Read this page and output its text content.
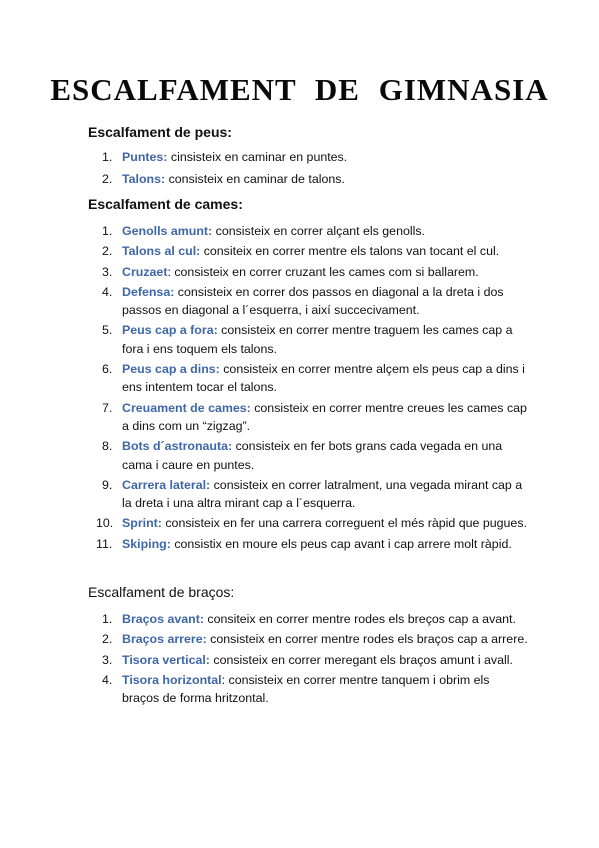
ESCALFAMENT DE GIMNASIA
Escalfament de peus:
1. Puntes: cinsisteix en caminar en puntes.
2. Talons: consisteix en caminar de talons.
Escalfament de cames:
1. Genolls amunt: consisteix en correr alçant els genolls.
2. Talons al cul: consiteix en correr mentre els talons van tocant el cul.
3. Cruzaet: consisteix en correr cruzant les cames com si ballarem.
4. Defensa: consisteix en correr dos passos en diagonal a la dreta i dos passos en diagonal a l´esquerra, i així succecivament.
5. Peus cap a fora: consisteix en correr mentre traguem les cames cap a fora i ens toquem els talons.
6. Peus cap a dins: consisteix en correr mentre alçem els peus cap a dins i ens intentem tocar el talons.
7. Creuament de cames: consisteix en correr mentre creues les cames cap a dins com un “zigzag”.
8. Bots d´astronauta: consisteix en fer bots grans cada vegada en una cama i caure en puntes.
9. Carrera lateral: consisteix en correr latralment, una vegada mirant cap a la dreta i una altra mirant cap a l´esquerra.
10. Sprint: consisteix en fer una carrera correguent el més ràpid que pugues.
11. Skiping: consistix en moure els peus cap avant i cap arrere molt ràpid.
Escalfament de braços:
1. Braços avant: consiteix en correr mentre rodes els breços cap a avant.
2. Braços arrere: consisteix en correr mentre rodes els braços cap a arrere.
3. Tisora vertical: consisteix en correr meregant els braços amunt i avall.
4. Tisora horizontal: consisteix en correr mentre tanquem i obrim els braços de forma hritzontal.
